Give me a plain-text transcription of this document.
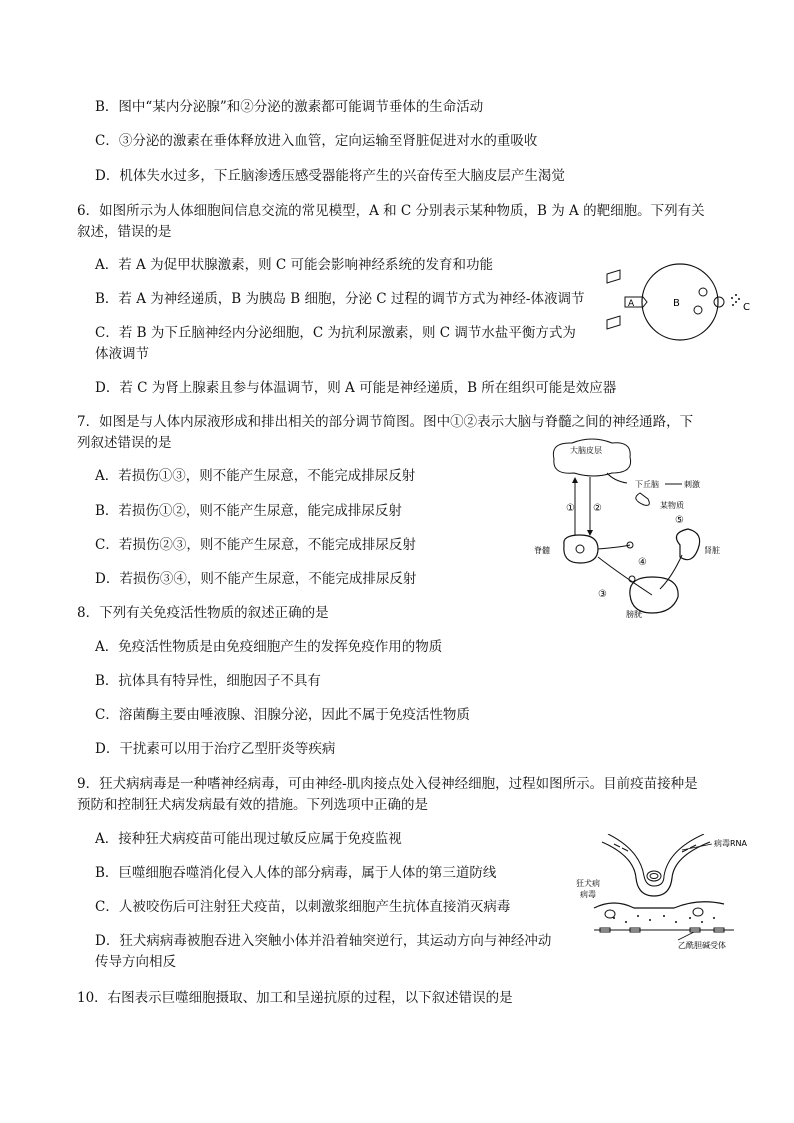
B．图中“某内分泌腺”和②分泌的激素都可能调节垂体的生命活动
C．③分泌的激素在垂体释放进入血管，定向运输至肾脏促进对水的重吸收
D．机体失水过多，下丘脑渗透压感受器能将产生的兴奋传至大脑皮层产生渴觉
6．如图所示为人体细胞间信息交流的常见模型，A 和 C 分别表示某种物质，B 为 A 的靶细胞。下列有关
叙述，错误的是
A．若 A 为促甲状腺激素，则 C 可能会影响神经系统的发育和功能
B．若 A 为神经递质，B 为胰岛 B 细胞，分泌 C 过程的调节方式为神经-体液调节
C．若 B 为下丘脑神经内分泌细胞，C 为抗利尿激素，则 C 调节水盐平衡方式为
体液调节
D．若 C 为肾上腺素且参与体温调节，则 A 可能是神经递质，B 所在组织可能是效应器
A	B	C
7．如图是与人体内尿液形成和排出相关的部分调节简图。图中①②表示大脑与脊髓之间的神经通路，下
列叙述错误的是
A．若损伤①③，则不能产生尿意，不能完成排尿反射
B．若损伤①②，则不能产生尿意，能完成排尿反射
C．若损伤②③，则不能产生尿意，不能完成排尿反射
D．若损伤③④，则不能产生尿意，不能完成排尿反射
大脑皮层
下丘脑	刺激
某物质
① ②
脊髓
④
③
⑤
肾脏
膀胱
8．下列有关免疫活性物质的叙述正确的是
A．免疫活性物质是由免疫细胞产生的发挥免疫作用的物质
B．抗体具有特异性，细胞因子不具有
C．溶菌酶主要由唾液腺、泪腺分泌，因此不属于免疫活性物质
D．干扰素可以用于治疗乙型肝炎等疾病
9．狂犬病病毒是一种嗜神经病毒，可由神经-肌肉接点处入侵神经细胞，过程如图所示。目前疫苗接种是
预防和控制狂犬病发病最有效的措施。下列选项中正确的是
A．接种狂犬病疫苗可能出现过敏反应属于免疫监视
B．巨噬细胞吞噬消化侵入人体的部分病毒，属于人体的第三道防线
C．人被咬伤后可注射狂犬疫苗，以刺激浆细胞产生抗体直接消灭病毒
D．狂犬病病毒被胞吞进入突触小体并沿着轴突逆行，其运动方向与神经冲动
传导方向相反
病毒RNA
狂犬病
病毒
乙酰胆碱受体
10．右图表示巨噬细胞摄取、加工和呈递抗原的过程，以下叙述错误的是
